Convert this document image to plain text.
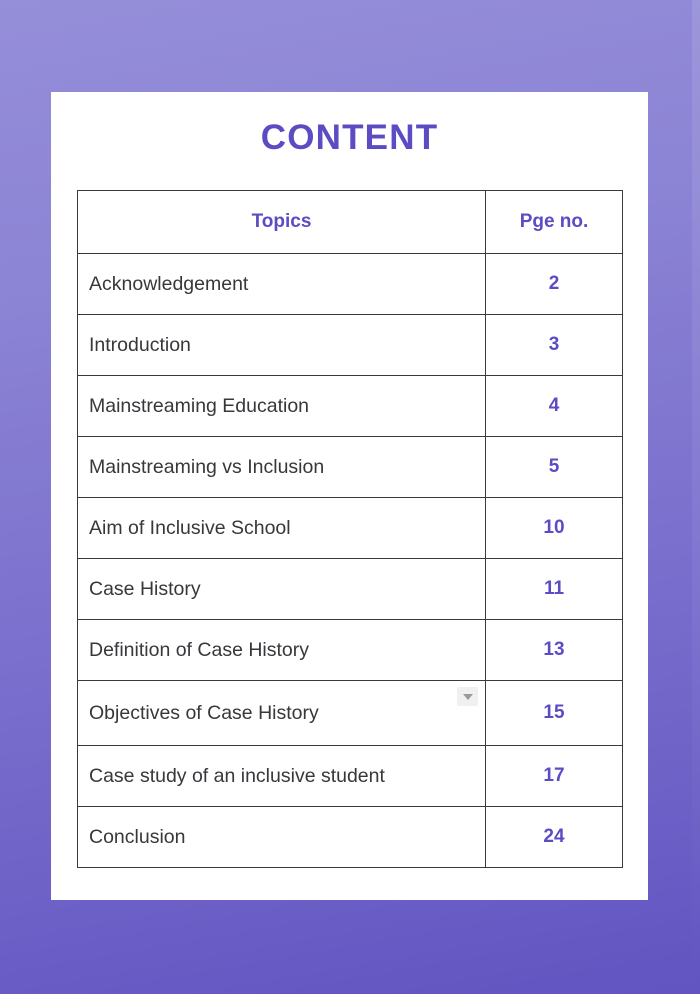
CONTENT
Topics	Pge no.
Acknowledgement	2
Introduction	3
Mainstreaming Education	4
Mainstreaming vs Inclusion	5
Aim of Inclusive School	10
Case History	11
Definition of Case History	13
Objectives of Case History	15
Case study of an inclusive student	17
Conclusion	24
